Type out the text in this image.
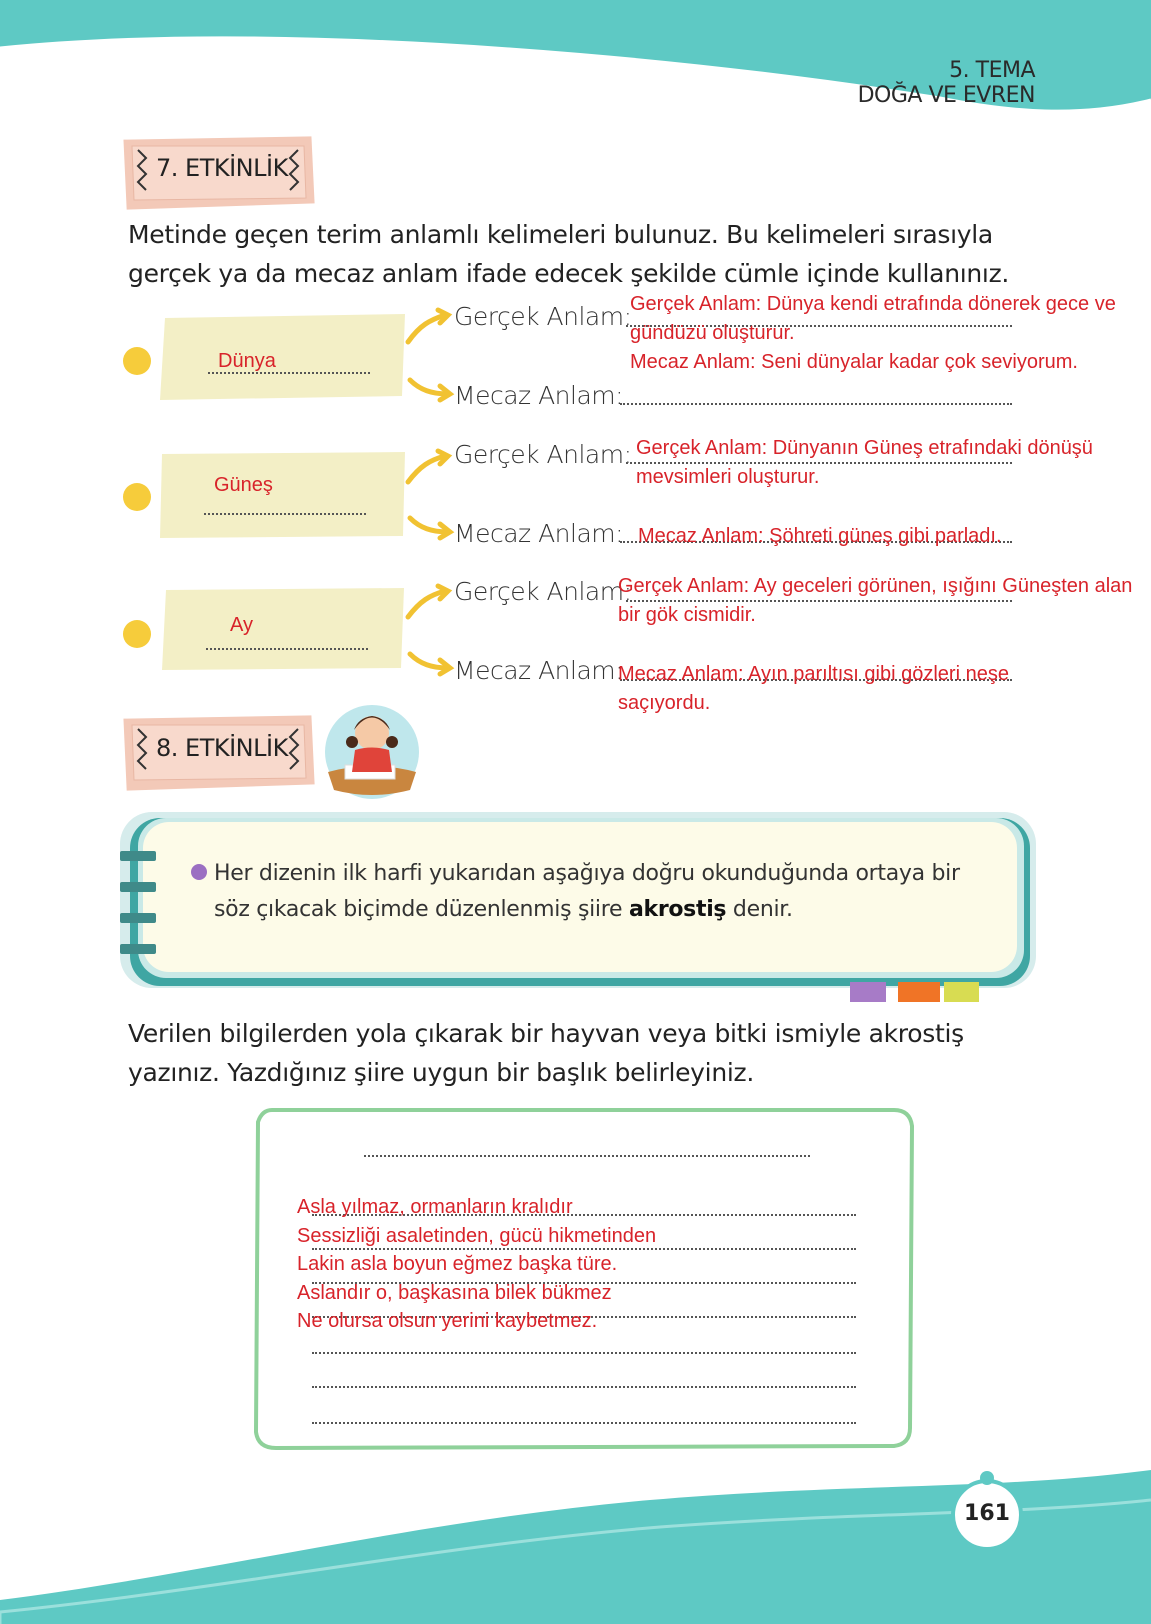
5. TEMA
DOĞA VE EVREN
7. ETKİNLİK
Metinde geçen terim anlamlı kelimeleri bulunuz. Bu kelimeleri sırasıyla gerçek ya da mecaz anlam ifade edecek şekilde cümle içinde kullanınız.
Dünya
Gerçek Anlam:
Gerçek Anlam: Dünya kendi etrafında dönerek gece ve gündüzü oluşturur.
Mecaz Anlam: Seni dünyalar kadar çok seviyorum.
Mecaz Anlam:
Güneş
Gerçek Anlam: Gerçek Anlam: Dünyanın Güneş etrafındaki dönüşü mevsimleri oluşturur.
Mecaz Anlam: Mecaz Anlam: Şöhreti güneş gibi parladı.
Ay
Gerçek Anlam:
Gerçek Anlam: Ay geceleri görünen, ışığını Güneşten alan bir gök cismidir.
Mecaz Anlam:
Mecaz Anlam: Ayın parıltısı gibi gözleri neşe saçıyordu.
8. ETKİNLİK
Her dizenin ilk harfi yukarıdan aşağıya doğru okunduğunda ortaya bir söz çıkacak biçimde düzenlenmiş şiire akrostiş denir.
Verilen bilgilerden yola çıkarak bir hayvan veya bitki ismiyle akrostiş yazınız. Yazdığınız şiire uygun bir başlık belirleyiniz.
Asla yılmaz, ormanların kralıdır
Sessizliği asaletinden, gücü hikmetinden
Lakin asla boyun eğmez başka türe.
Aslandır o, başkasına bilek bükmez
Ne olursa olsun yerini kaybetmez.
161
